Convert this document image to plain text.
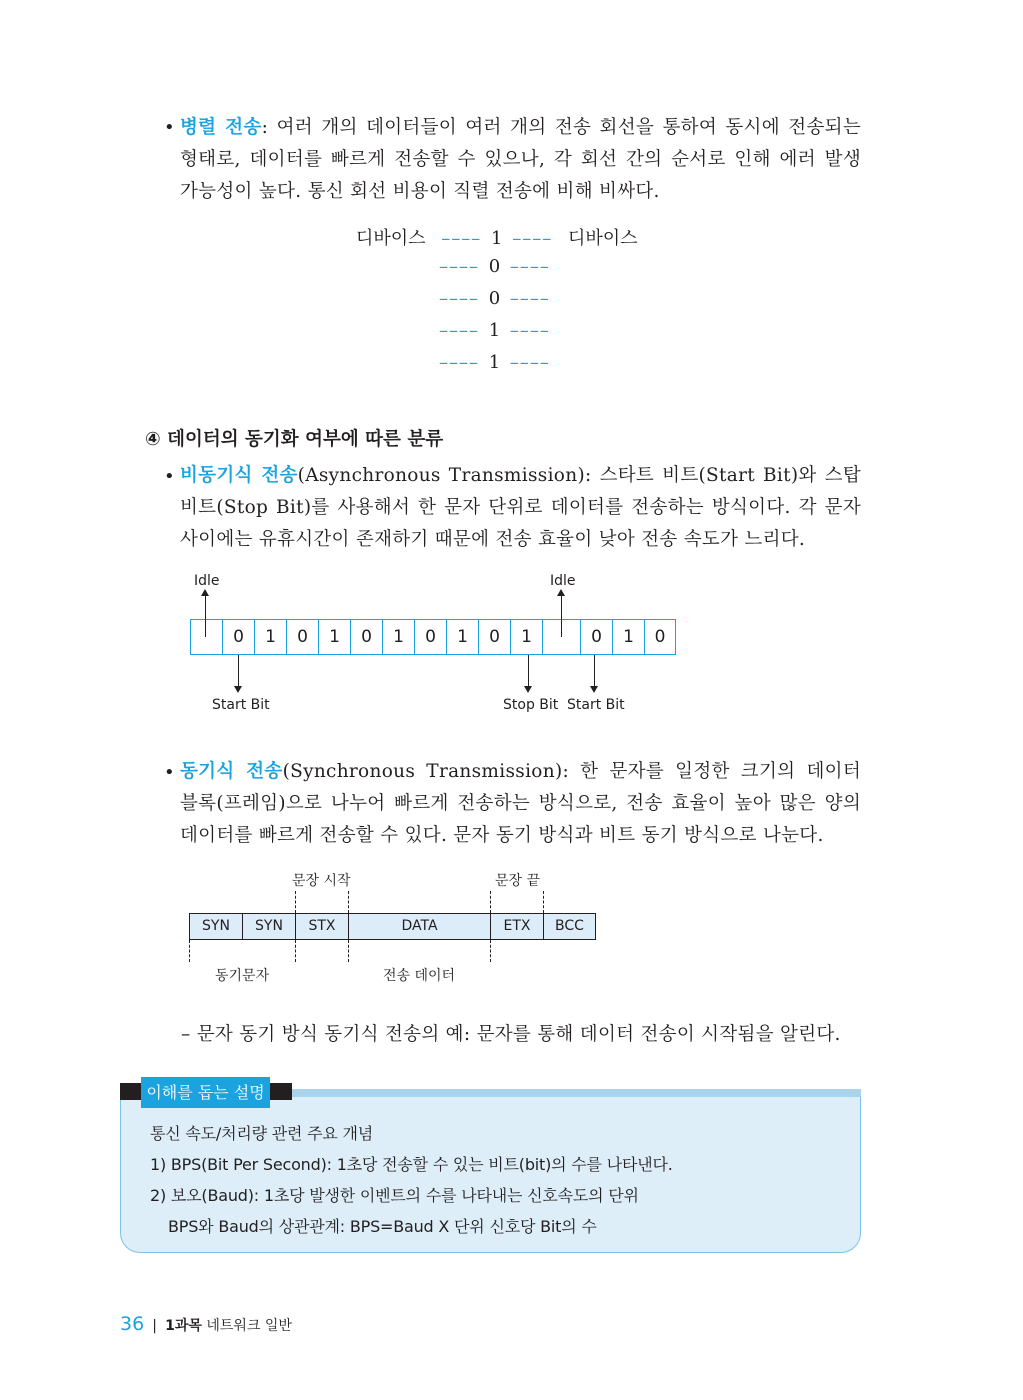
• 병렬 전송: 여러 개의 데이터들이 여러 개의 전송 회선을 통하여 동시에 전송되는
형태로, 데이터를 빠르게 전송할 수 있으나, 각 회선 간의 순서로 인해 에러 발생
가능성이 높다. 통신 회선 비용이 직렬 전송에 비해 비싸다.
디바이스 –––– 1 –––– 디바이스
–––– 0 ––––
–––– 0 ––––
–––– 1 ––––
–––– 1 ––––
④ 데이터의 동기화 여부에 따른 분류
• 비동기식 전송(Asynchronous Transmission): 스타트 비트(Start Bit)와 스탑
비트(Stop Bit)를 사용해서 한 문자 단위로 데이터를 전송하는 방식이다. 각 문자
사이에는 유휴시간이 존재하기 때문에 전송 효율이 낮아 전송 속도가 느리다.
Idle	Idle
0	1	0	1	0	1	0	1	0	1	0	1	0
Start Bit	Stop Bit Start Bit
• 동기식 전송(Synchronous Transmission): 한 문자를 일정한 크기의 데이터
블록(프레임)으로 나누어 빠르게 전송하는 방식으로, 전송 효율이 높아 많은 양의
데이터를 빠르게 전송할 수 있다. 문자 동기 방식과 비트 동기 방식으로 나눈다.
문장 시작	문장 끝
SYN	SYN	STX	DATA	ETX	BCC
동기문자	전송 데이터
– 문자 동기 방식 동기식 전송의 예: 문자를 통해 데이터 전송이 시작됨을 알린다.
이해를 돕는 설명
통신 속도/처리량 관련 주요 개념
1) BPS(Bit Per Second): 1초당 전송할 수 있는 비트(bit)의 수를 나타낸다.
2) 보오(Baud): 1초당 발생한 이벤트의 수를 나타내는 신호속도의 단위
BPS와 Baud의 상관관계: BPS=Baud X 단위 신호당 Bit의 수
36 | 1과목 네트워크 일반
